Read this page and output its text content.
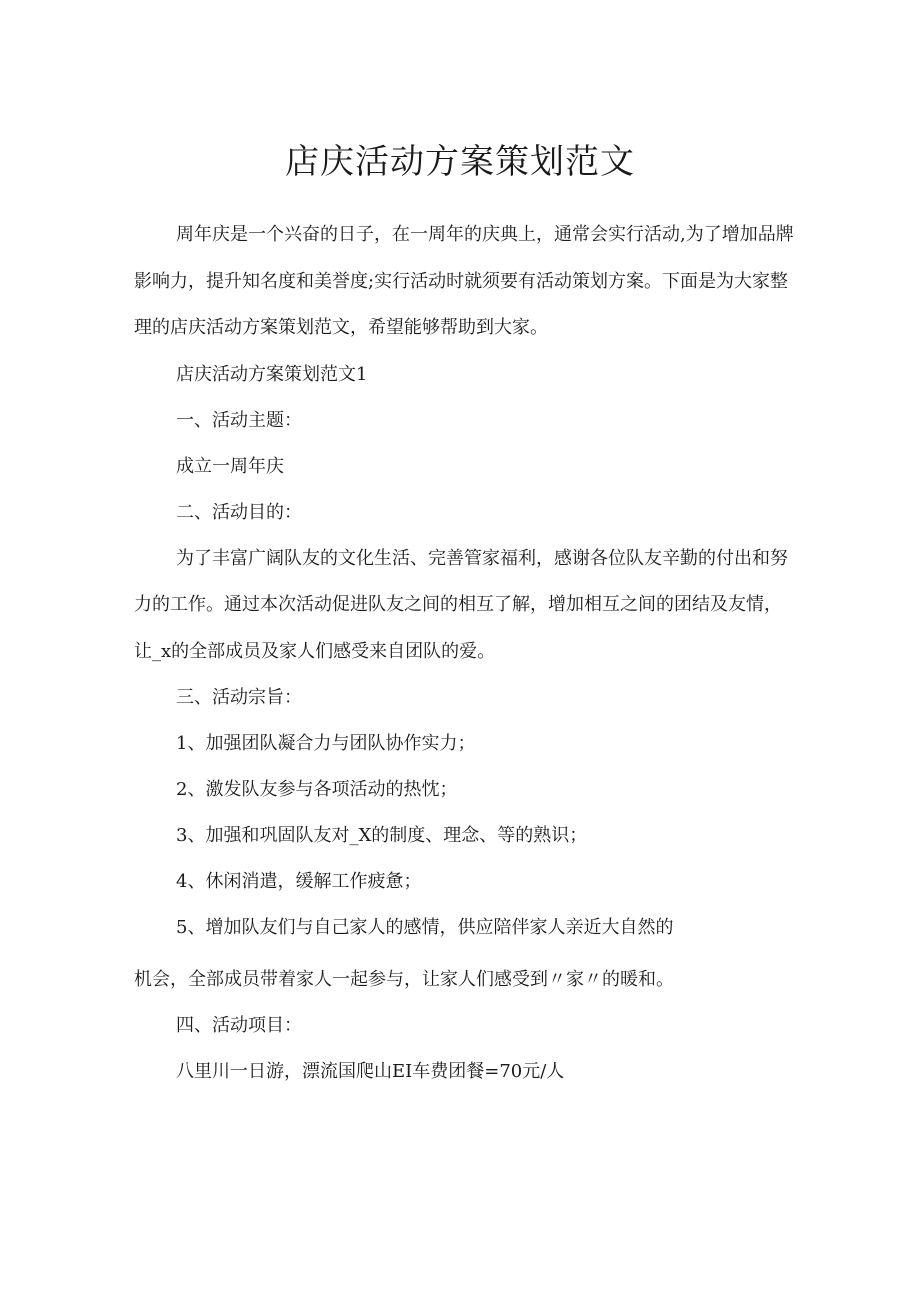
店庆活动方案策划范文

周年庆是一个兴奋的日子，在一周年的庆典上，通常会实行活动,为了增加品牌影响力，提升知名度和美誉度;实行活动时就须要有活动策划方案。下面是为大家整理的店庆活动方案策划范文，希望能够帮助到大家。

店庆活动方案策划范文1

一、活动主题：

成立一周年庆

二、活动目的：

为了丰富广阔队友的文化生活、完善管家福利，感谢各位队友辛勤的付出和努力的工作。通过本次活动促进队友之间的相互了解，增加相互之间的团结及友情，让_x的全部成员及家人们感受来自团队的爱。

三、活动宗旨：

1、加强团队凝合力与团队协作实力；

2、激发队友参与各项活动的热忱；

3、加强和巩固队友对_X的制度、理念、等的熟识；

4、休闲消遣，缓解工作疲惫；

5、增加队友们与自己家人的感情，供应陪伴家人亲近大自然的

机会，全部成员带着家人一起参与，让家人们感受到〃家〃的暖和。

四、活动项目：

八里川一日游，漂流国爬山EI车费团餐=70元/人
